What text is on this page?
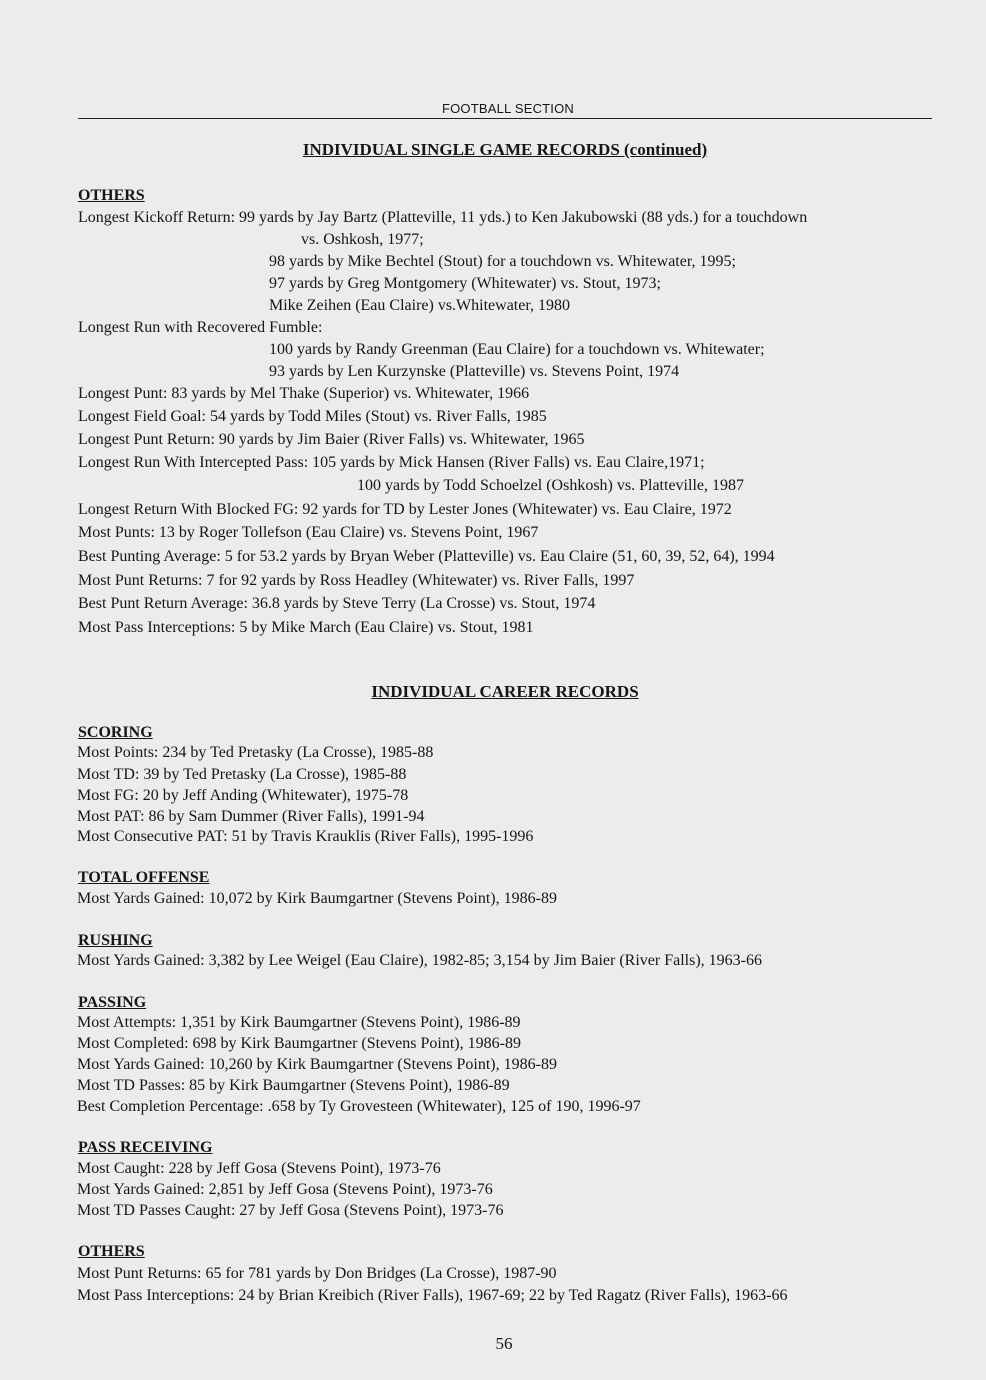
FOOTBALL SECTION
INDIVIDUAL SINGLE GAME RECORDS (continued)
OTHERS
Longest Kickoff Return: 99 yards by Jay Bartz (Platteville, 11 yds.) to Ken Jakubowski (88 yds.) for a touchdown
vs. Oshkosh, 1977;
98 yards by Mike Bechtel (Stout) for a touchdown vs. Whitewater, 1995;
97 yards by Greg Montgomery (Whitewater) vs. Stout, 1973;
Mike Zeihen (Eau Claire) vs.Whitewater, 1980
Longest Run with Recovered Fumble:
100 yards by Randy Greenman (Eau Claire) for a touchdown vs. Whitewater;
93 yards by Len Kurzynske (Platteville) vs. Stevens Point, 1974
Longest Punt: 83 yards by Mel Thake (Superior) vs. Whitewater, 1966
Longest Field Goal: 54 yards by Todd Miles (Stout) vs. River Falls, 1985
Longest Punt Return: 90 yards by Jim Baier (River Falls) vs. Whitewater, 1965
Longest Run With Intercepted Pass: 105 yards by Mick Hansen (River Falls) vs. Eau Claire,1971;
100 yards by Todd Schoelzel (Oshkosh) vs. Platteville, 1987
Longest Return With Blocked FG: 92 yards for TD by Lester Jones (Whitewater) vs. Eau Claire, 1972
Most Punts: 13 by Roger Tollefson (Eau Claire) vs. Stevens Point, 1967
Best Punting Average: 5 for 53.2 yards by Bryan Weber (Platteville) vs. Eau Claire (51, 60, 39, 52, 64), 1994
Most Punt Returns: 7 for 92 yards by Ross Headley (Whitewater) vs. River Falls, 1997
Best Punt Return Average: 36.8 yards by Steve Terry (La Crosse) vs. Stout, 1974
Most Pass Interceptions: 5 by Mike March (Eau Claire) vs. Stout, 1981
INDIVIDUAL CAREER RECORDS
SCORING
Most Points: 234 by Ted Pretasky (La Crosse), 1985-88
Most TD: 39 by Ted Pretasky (La Crosse), 1985-88
Most FG: 20 by Jeff Anding (Whitewater), 1975-78
Most PAT: 86 by Sam Dummer (River Falls), 1991-94
Most Consecutive PAT: 51 by Travis Krauklis (River Falls), 1995-1996
TOTAL OFFENSE
Most Yards Gained: 10,072 by Kirk Baumgartner (Stevens Point), 1986-89
RUSHING
Most Yards Gained: 3,382 by Lee Weigel (Eau Claire), 1982-85; 3,154 by Jim Baier (River Falls), 1963-66
PASSING
Most Attempts: 1,351 by Kirk Baumgartner (Stevens Point), 1986-89
Most Completed: 698 by Kirk Baumgartner (Stevens Point), 1986-89
Most Yards Gained: 10,260 by Kirk Baumgartner (Stevens Point), 1986-89
Most TD Passes: 85 by Kirk Baumgartner (Stevens Point), 1986-89
Best Completion Percentage: .658 by Ty Grovesteen (Whitewater), 125 of 190, 1996-97
PASS RECEIVING
Most Caught: 228 by Jeff Gosa (Stevens Point), 1973-76
Most Yards Gained: 2,851 by Jeff Gosa (Stevens Point), 1973-76
Most TD Passes Caught: 27 by Jeff Gosa (Stevens Point), 1973-76
OTHERS
Most Punt Returns: 65 for 781 yards by Don Bridges (La Crosse), 1987-90
Most Pass Interceptions: 24 by Brian Kreibich (River Falls), 1967-69; 22 by Ted Ragatz (River Falls), 1963-66
56
